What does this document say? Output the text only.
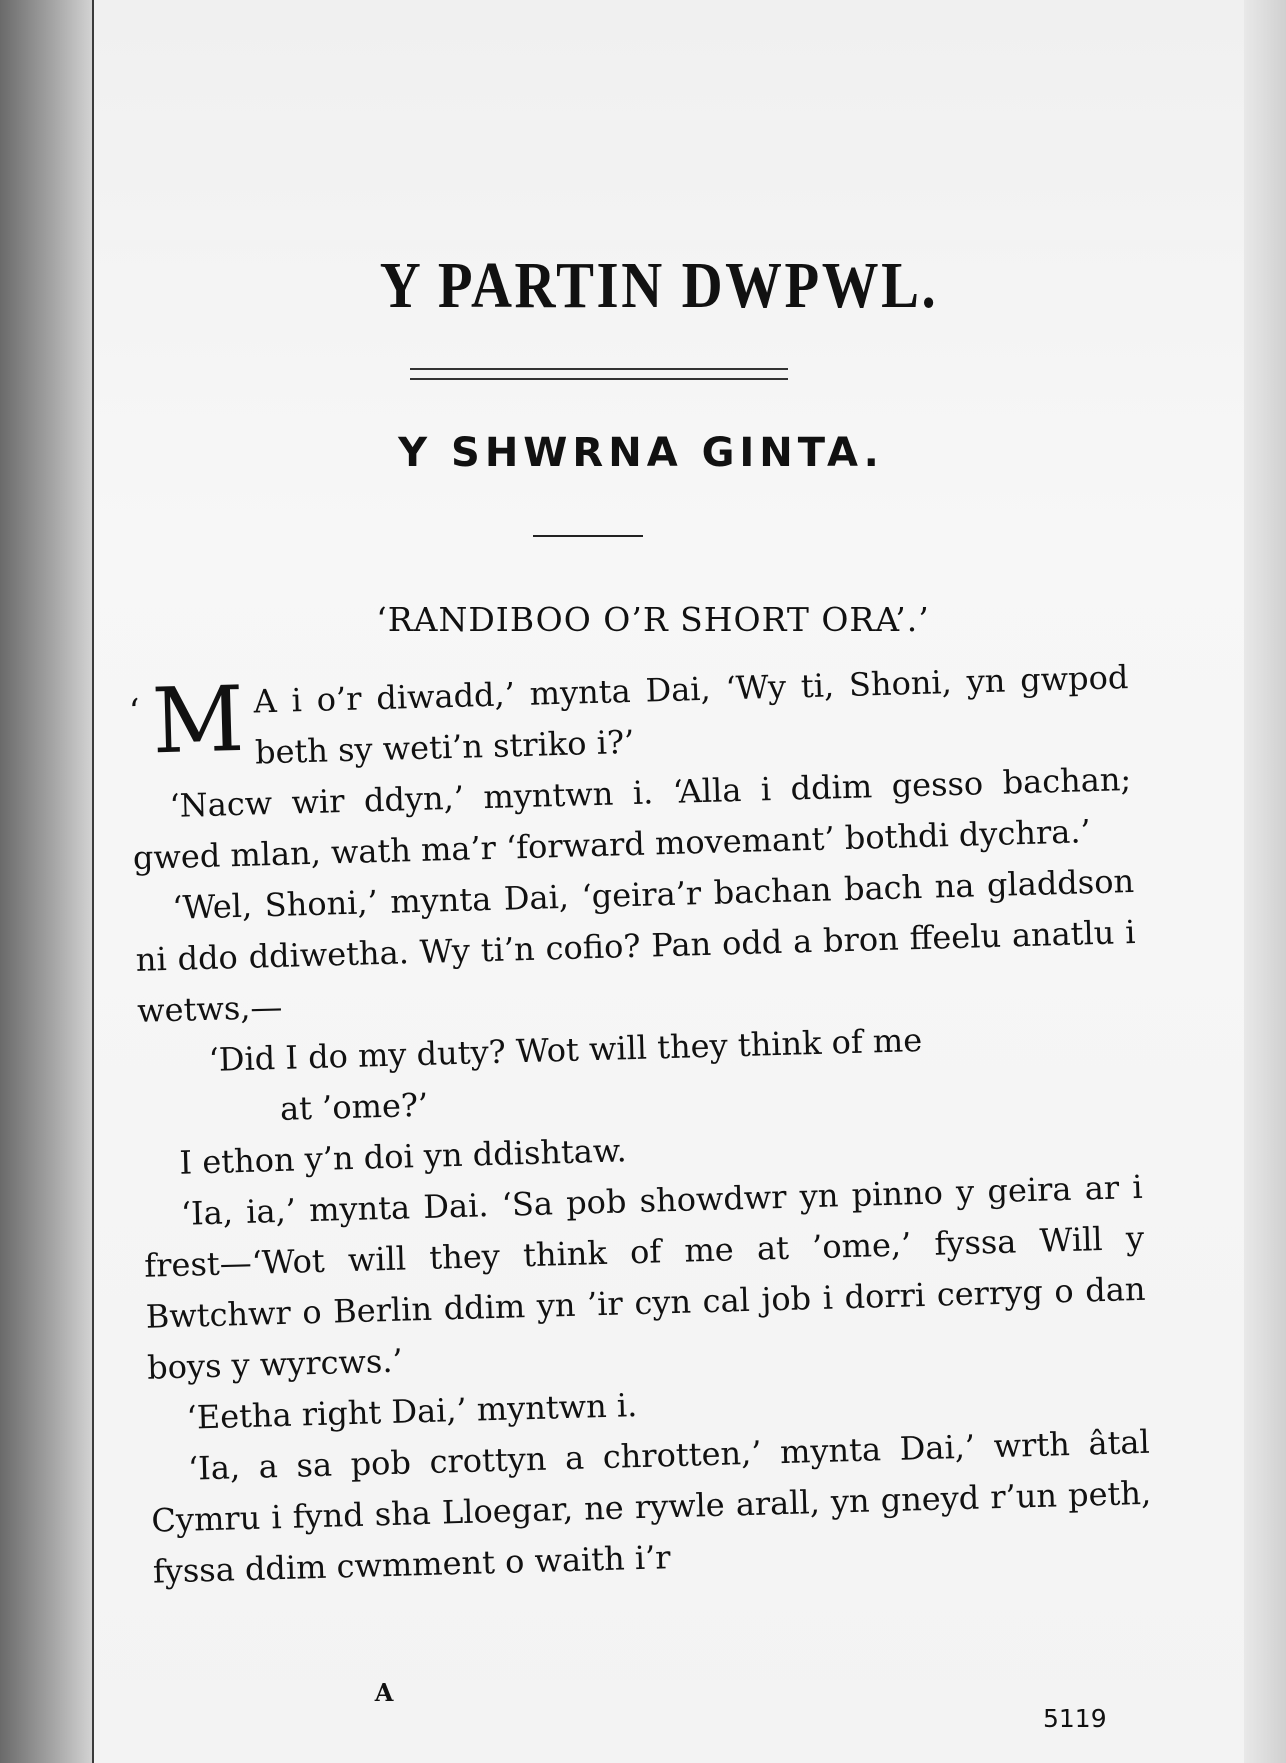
Y PARTIN DWPWL.
Y SHWRNA GINTA.
‘RANDIBOO O’R SHORT ORA’.’

‘ M A i o’r diwadd,’ mynta Dai, ‘Wy ti, Shoni, yn gwpod beth sy weti’n striko i?’

‘Nacw wir ddyn,’ myntwn i. ‘Alla i ddim gesso bachan; gwed mlan, wath ma’r ‘forward movemant’ bothdi dychra.’

‘Wel, Shoni,’ mynta Dai, ‘geira’r bachan bach na gladdson ni ddo ddiwetha. Wy ti’n cofio? Pan odd a bron ffeelu anatlu i wetws,—

‘Did I do my duty? Wot will they think of me

at ’ome?’

I ethon y’n doi yn ddishtaw.

‘Ia, ia,’ mynta Dai. ‘Sa pob showdwr yn pinno y geira ar i frest—‘Wot will they think of me at ’ome,’ fyssa Will y Bwtchwr o Berlin ddim yn ’ir cyn cal job i dorri cerryg o dan boys y wyrcws.’

‘Eetha right Dai,’ myntwn i.

‘Ia, a sa pob crottyn a chrotten,’ mynta Dai,’ wrth âtal Cymru i fynd sha Lloegar, ne rywle arall, yn gneyd r’un peth, fyssa ddim cwmment o waith i’r

A
5119
